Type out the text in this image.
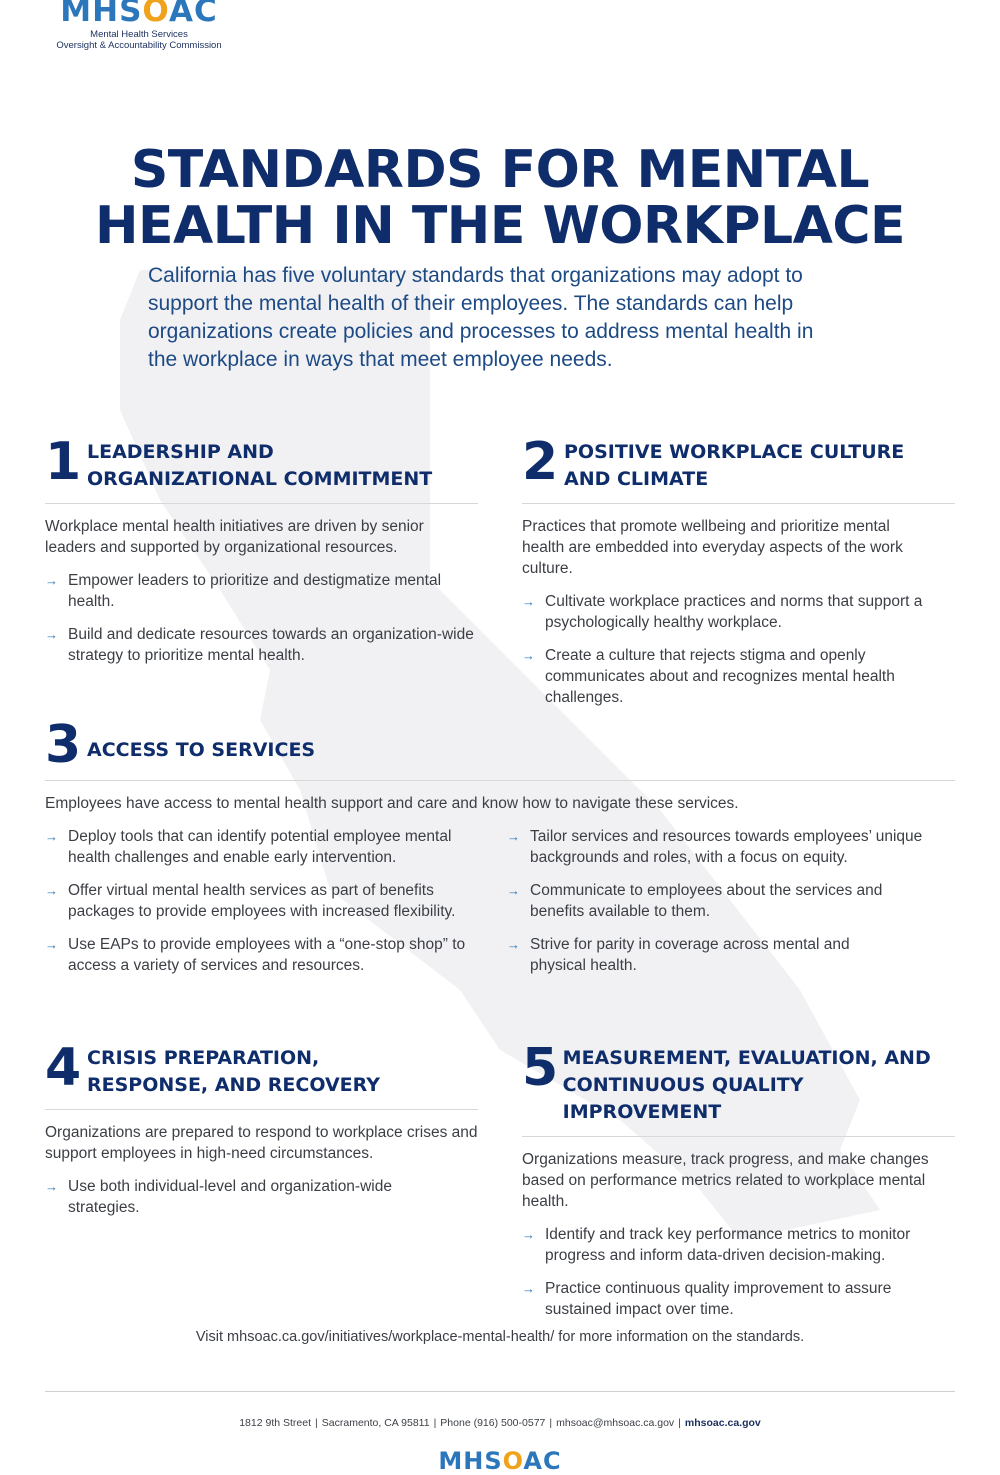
MHSOAC
Mental Health Services
Oversight & Accountability Commission
STANDARDS FOR MENTAL
HEALTH IN THE WORKPLACE

California has five voluntary standards that organizations may adopt to support the mental health of their employees. The standards can help organizations create policies and processes to address mental health in the workplace in ways that meet employee needs.

1 LEADERSHIP AND
ORGANIZATIONAL COMMITMENT

Workplace mental health initiatives are driven by senior leaders and supported by organizational resources.

→ Empower leaders to prioritize and destigmatize mental health.
→ Build and dedicate resources towards an organization-wide strategy to prioritize mental health.
2 POSITIVE WORKPLACE CULTURE
AND CLIMATE

Practices that promote wellbeing and prioritize mental health are embedded into everyday aspects of the work culture.

→ Cultivate workplace practices and norms that support a psychologically healthy workplace.
→ Create a culture that rejects stigma and openly communicates about and recognizes mental health challenges.
3 ACCESS TO SERVICES

Employees have access to mental health support and care and know how to navigate these services.

→ Deploy tools that can identify potential employee mental health challenges and enable early intervention.
→ Offer virtual mental health services as part of benefits packages to provide employees with increased flexibility.
→ Use EAPs to provide employees with a “one-stop shop” to access a variety of services and resources.
→ Tailor services and resources towards employees’ unique backgrounds and roles, with a focus on equity.
→ Communicate to employees about the services and benefits available to them.
→ Strive for parity in coverage across mental and physical health.
4 CRISIS PREPARATION,
RESPONSE, AND RECOVERY

Organizations are prepared to respond to workplace crises and support employees in high-need circumstances.

→ Use both individual-level and organization-wide strategies.
5 MEASUREMENT, EVALUATION, AND
CONTINUOUS QUALITY IMPROVEMENT

Organizations measure, track progress, and make changes based on performance metrics related to workplace mental health.

→ Identify and track key performance metrics to monitor progress and inform data-driven decision-making.
→ Practice continuous quality improvement to assure sustained impact over time.
Visit mhsoac.ca.gov/initiatives/workplace-mental-health/ for more information on the standards.
1812 9th Street | Sacramento, CA 95811 | Phone (916) 500-0577 | mhsoac@mhsoac.ca.gov | mhsoac.ca.gov
MHSOAC
